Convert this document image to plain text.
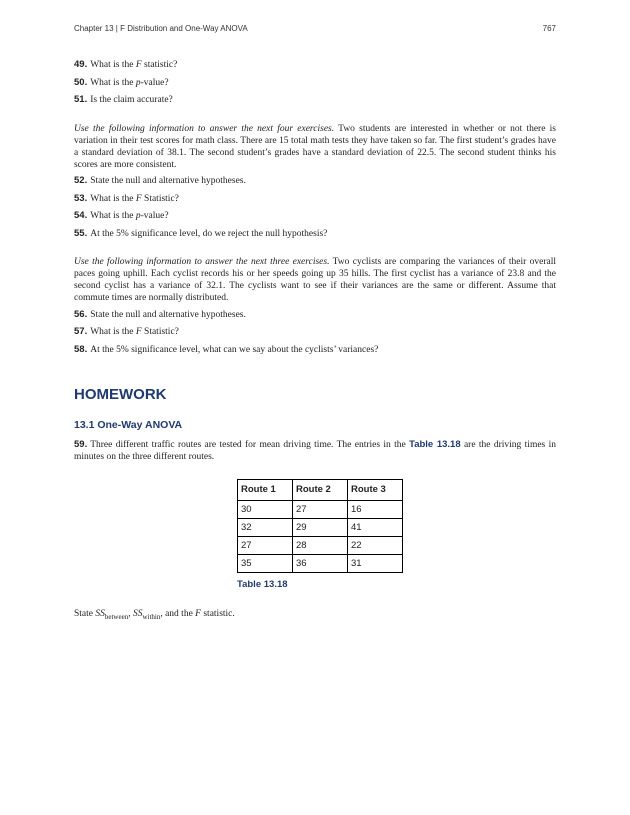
Chapter 13 | F Distribution and One-Way ANOVA	767

49. What is the F statistic?

50. What is the p-value?

51. Is the claim accurate?

Use the following information to answer the next four exercises. Two students are interested in whether or not there is variation in their test scores for math class. There are 15 total math tests they have taken so far. The first student’s grades have a standard deviation of 38.1. The second student’s grades have a standard deviation of 22.5. The second student thinks his scores are more consistent.

52. State the null and alternative hypotheses.

53. What is the F Statistic?

54. What is the p-value?

55. At the 5% significance level, do we reject the null hypothesis?

Use the following information to answer the next three exercises. Two cyclists are comparing the variances of their overall paces going uphill. Each cyclist records his or her speeds going up 35 hills. The first cyclist has a variance of 23.8 and the second cyclist has a variance of 32.1. The cyclists want to see if their variances are the same or different. Assume that commute times are normally distributed.

56. State the null and alternative hypotheses.

57. What is the F Statistic?

58. At the 5% significance level, what can we say about the cyclists’ variances?

HOMEWORK
13.1 One-Way ANOVA

59. Three different traffic routes are tested for mean driving time. The entries in the Table 13.18 are the driving times in minutes on the three different routes.

Route 1	Route 2	Route 3
30	27	16
32	29	41
27	28	22
35	36	31
Table 13.18

State $SS_{between}$, $SS_{within}$, and the F statistic.
